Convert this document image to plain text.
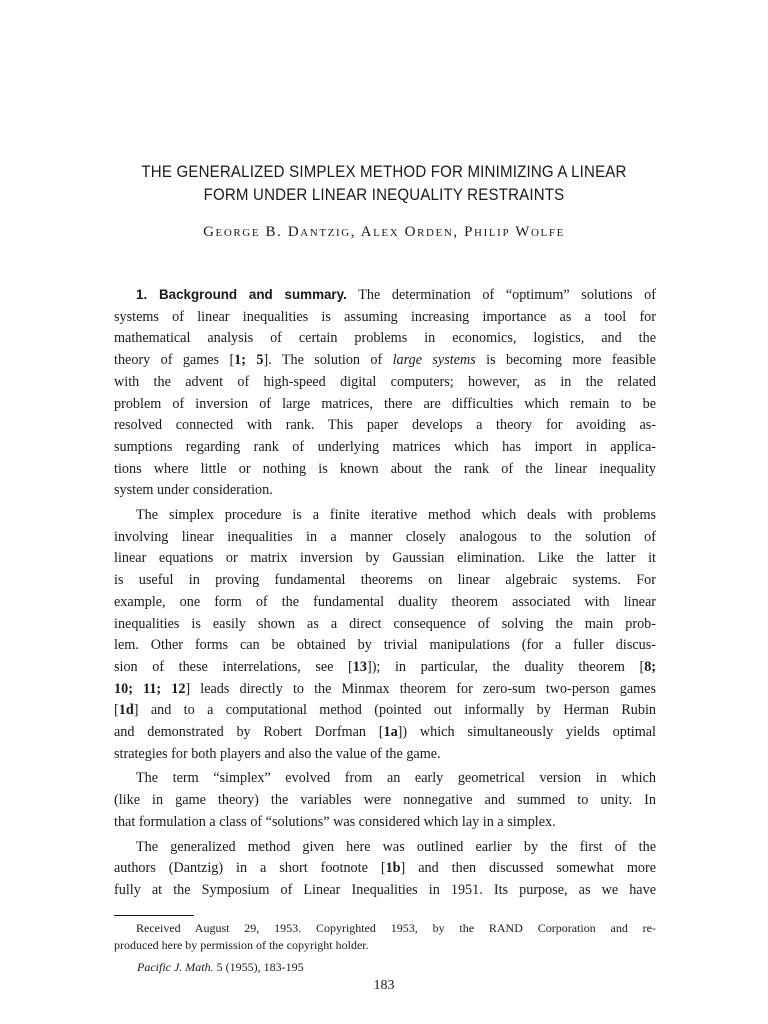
THE GENERALIZED SIMPLEX METHOD FOR MINIMIZING A LINEAR
FORM UNDER LINEAR INEQUALITY RESTRAINTS
George B. Dantzig, Alex Orden, Philip Wolfe
1. Background and summary. The determination of “optimum” solutions of
systems of linear inequalities is assuming increasing importance as a tool for
mathematical analysis of certain problems in economics, logistics, and the
theory of games [1; 5]. The solution of large systems is becoming more feasible
with the advent of high-speed digital computers; however, as in the related
problem of inversion of large matrices, there are difficulties which remain to be
resolved connected with rank. This paper develops a theory for avoiding as-
sumptions regarding rank of underlying matrices which has import in applica-
tions where little or nothing is known about the rank of the linear inequality
system under consideration.
The simplex procedure is a finite iterative method which deals with problems
involving linear inequalities in a manner closely analogous to the solution of
linear equations or matrix inversion by Gaussian elimination. Like the latter it
is useful in proving fundamental theorems on linear algebraic systems. For
example, one form of the fundamental duality theorem associated with linear
inequalities is easily shown as a direct consequence of solving the main prob-
lem. Other forms can be obtained by trivial manipulations (for a fuller discus-
sion of these interrelations, see [13]); in particular, the duality theorem [8;
10; 11; 12] leads directly to the Minmax theorem for zero-sum two-person games
[1d] and to a computational method (pointed out informally by Herman Rubin
and demonstrated by Robert Dorfman [1a]) which simultaneously yields optimal
strategies for both players and also the value of the game.
The term “simplex” evolved from an early geometrical version in which
(like in game theory) the variables were nonnegative and summed to unity. In
that formulation a class of “solutions” was considered which lay in a simplex.
The generalized method given here was outlined earlier by the first of the
authors (Dantzig) in a short footnote [1b] and then discussed somewhat more
fully at the Symposium of Linear Inequalities in 1951. Its purpose, as we have
Received August 29, 1953. Copyrighted 1953, by the RAND Corporation and re-
produced here by permission of the copyright holder.
Pacific J. Math. 5 (1955), 183-195
183
